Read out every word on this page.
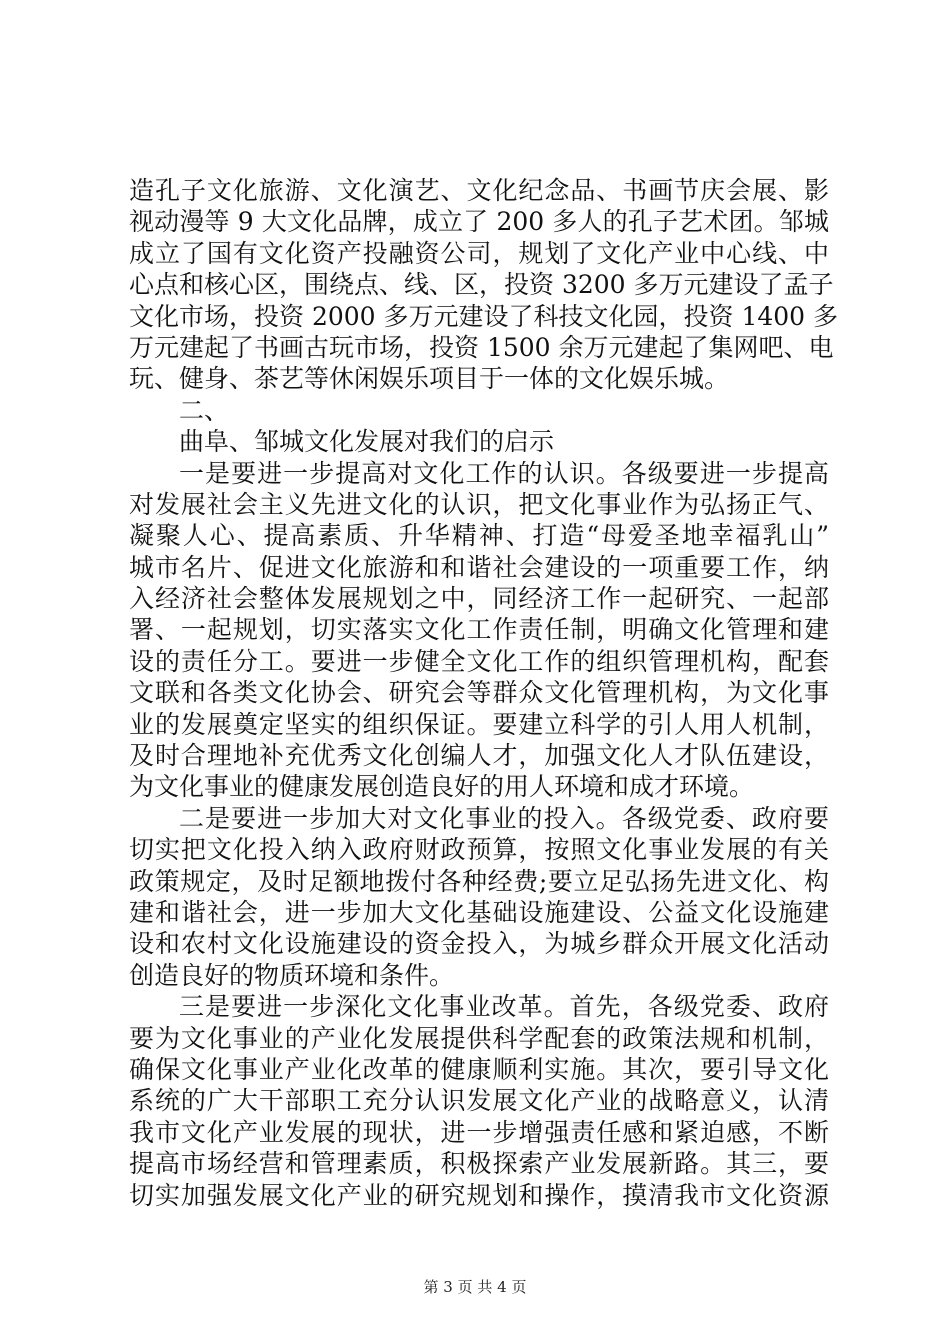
造孔子文化旅游、文化演艺、文化纪念品、书画节庆会展、影
视动漫等 9 大文化品牌，成立了 200 多人的孔子艺术团。邹城
成立了国有文化资产投融资公司，规划了文化产业中心线、中
心点和核心区，围绕点、线、区，投资 3200 多万元建设了孟子
文化市场，投资 2000 多万元建设了科技文化园，投资 1400 多
万元建起了书画古玩市场，投资 1500 余万元建起了集网吧、电
玩、健身、茶艺等休闲娱乐项目于一体的文化娱乐城。
二、
曲阜、邹城文化发展对我们的启示
一是要进一步提高对文化工作的认识。各级要进一步提高
对发展社会主义先进文化的认识，把文化事业作为弘扬正气、
凝聚人心、提高素质、升华精神、打造“母爱圣地幸福乳山”
城市名片、促进文化旅游和和谐社会建设的一项重要工作，纳
入经济社会整体发展规划之中，同经济工作一起研究、一起部
署、一起规划，切实落实文化工作责任制，明确文化管理和建
设的责任分工。要进一步健全文化工作的组织管理机构，配套
文联和各类文化协会、研究会等群众文化管理机构，为文化事
业的发展奠定坚实的组织保证。要建立科学的引人用人机制，
及时合理地补充优秀文化创编人才，加强文化人才队伍建设，
为文化事业的健康发展创造良好的用人环境和成才环境。
二是要进一步加大对文化事业的投入。各级党委、政府要
切实把文化投入纳入政府财政预算，按照文化事业发展的有关
政策规定，及时足额地拨付各种经费;要立足弘扬先进文化、构
建和谐社会，进一步加大文化基础设施建设、公益文化设施建
设和农村文化设施建设的资金投入，为城乡群众开展文化活动
创造良好的物质环境和条件。
三是要进一步深化文化事业改革。首先，各级党委、政府
要为文化事业的产业化发展提供科学配套的政策法规和机制，
确保文化事业产业化改革的健康顺利实施。其次，要引导文化
系统的广大干部职工充分认识发展文化产业的战略意义，认清
我市文化产业发展的现状，进一步增强责任感和紧迫感，不断
提高市场经营和管理素质，积极探索产业发展新路。其三，要
切实加强发展文化产业的研究规划和操作，摸清我市文化资源
第 3 页 共 4 页
